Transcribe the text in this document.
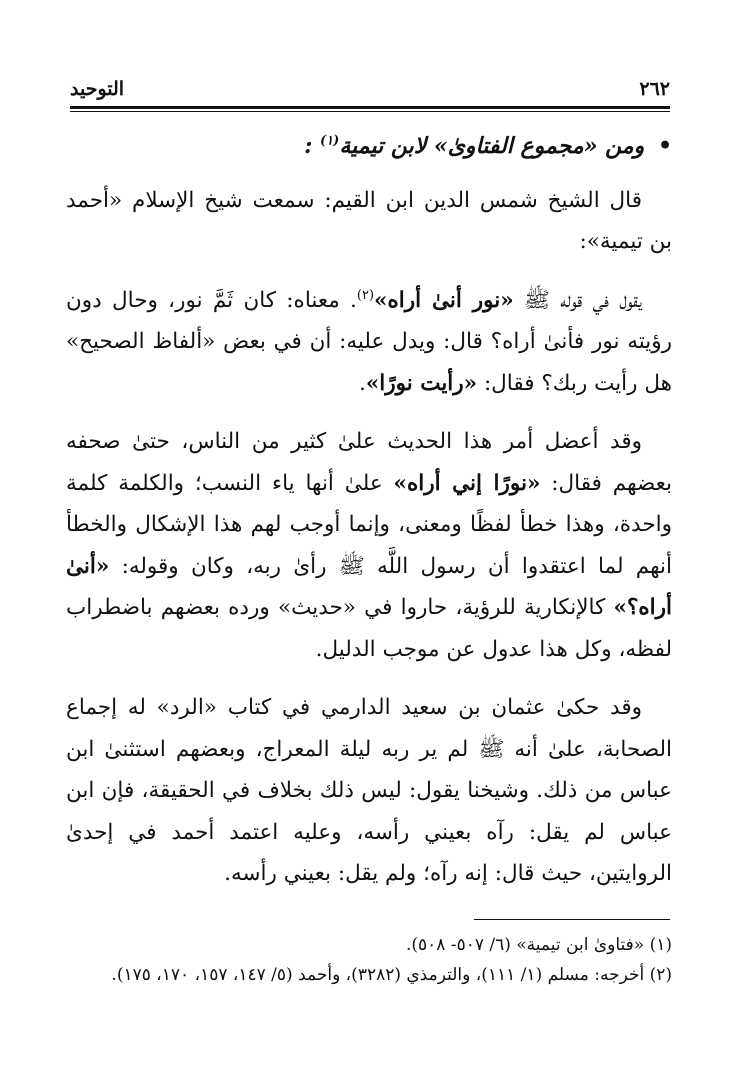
٢٦٢
التوحيد

• ومن «مجموع الفتاوىٰ» لابن تيمية$^{(١)}$ :

قال الشيخ شمس الدين ابن القيم: سمعت شيخ الإسلام «أحمد بن تيمية»:

يقول في قوله ﷺ «نور أنىٰ أراه»$^{(٢)}$. معناه: كان ثَمَّ نور، وحال دون رؤيته نور فأنىٰ أراه؟ قال: ويدل عليه: أن في بعض «ألفاظ الصحيح» هل رأيت ربك؟ فقال: «رأيت نورًا».

وقد أعضل أمر هذا الحديث علىٰ كثير من الناس، حتىٰ صحفه بعضهم فقال: «نورًا إني أراه» علىٰ أنها ياء النسب؛ والكلمة كلمة واحدة، وهذا خطأ لفظًا ومعنى، وإنما أوجب لهم هذا الإشكال والخطأ أنهم لما اعتقدوا أن رسول اللَّه ﷺ رأىٰ ربه، وكان وقوله: «أنىٰ أراه؟» كالإنكارية للرؤية، حاروا في «حديث» ورده بعضهم باضطراب لفظه، وكل هذا عدول عن موجب الدليل.

وقد حكىٰ عثمان بن سعيد الدارمي في كتاب «الرد» له إجماع الصحابة، علىٰ أنه ﷺ لم ير ربه ليلة المعراج، وبعضهم استثنىٰ ابن عباس من ذلك. وشيخنا يقول: ليس ذلك بخلاف في الحقيقة، فإن ابن عباس لم يقل: رآه بعيني رأسه، وعليه اعتمد أحمد في إحدىٰ الروايتين، حيث قال: إنه رآه؛ ولم يقل: بعيني رأسه.

(١) «فتاوىٰ ابن تيمية» (٦/ ٥٠٧- ٥٠٨).

(٢) أخرجه: مسلم (١/ ١١١)، والترمذي (٣٢٨٢)، وأحمد (٥/ ١٤٧، ١٥٧، ١٧٠، ١٧٥).
